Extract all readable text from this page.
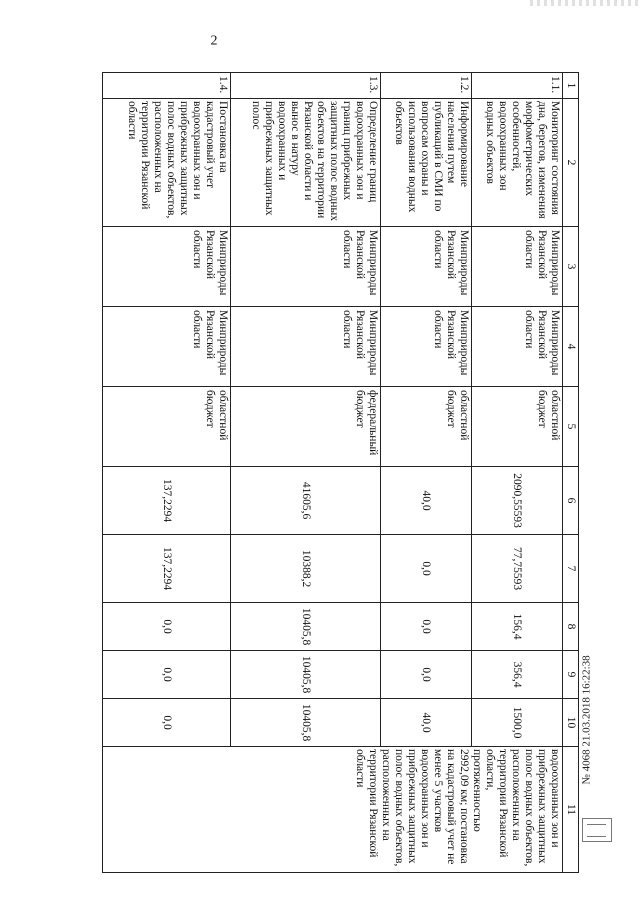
2
1	2	3	4	5	6	7	8	9	10	11
1.1.	Мониторинг состояния дна, берегов, изменения морфометрических особенностей, водоохранных зон водных объектов	Минприроды Рязанской области	Минприроды Рязанской области	областной бюджет	2090,55593	77,75593	156,4	356,4	1500,0	водоохранных зон и прибрежных защитных полос водных объектов, расположенных на территории Рязанской области, протяженностью 2992,09 км; постановка на кадастровый учет не менее 5 участков водоохранных зон и прибрежных защитных полос водных объектов, расположенных на территории Рязанской области
1.2.	Информирование населения путем публикаций в СМИ по вопросам охраны и использования водных объектов	Минприроды Рязанской области	Минприроды Рязанской области	областной бюджет	40,0	0,0	0,0	0,0	40,0	
1.3.	Определение границ водоохранных зон и границ прибрежных защитных полос водных объектов на территории Рязанской области и вынос в натуру водоохранных и прибрежных защитных полос	Минприроды Рязанской области	Минприроды Рязанской области	федеральный бюджет	41605,6	10388,2	10405,8	10405,8	10405,8	
1.4.	Постановка на кадастровый учет водоохранных зон и прибрежных защитных полос водных объектов, расположенных на территории Рязанской области	Минприроды Рязанской области	Минприроды Рязанской области	областной бюджет	137,2294	137,2294	0,0	0,0	0,0		№ 4068 21.03.2018 16:22:38
